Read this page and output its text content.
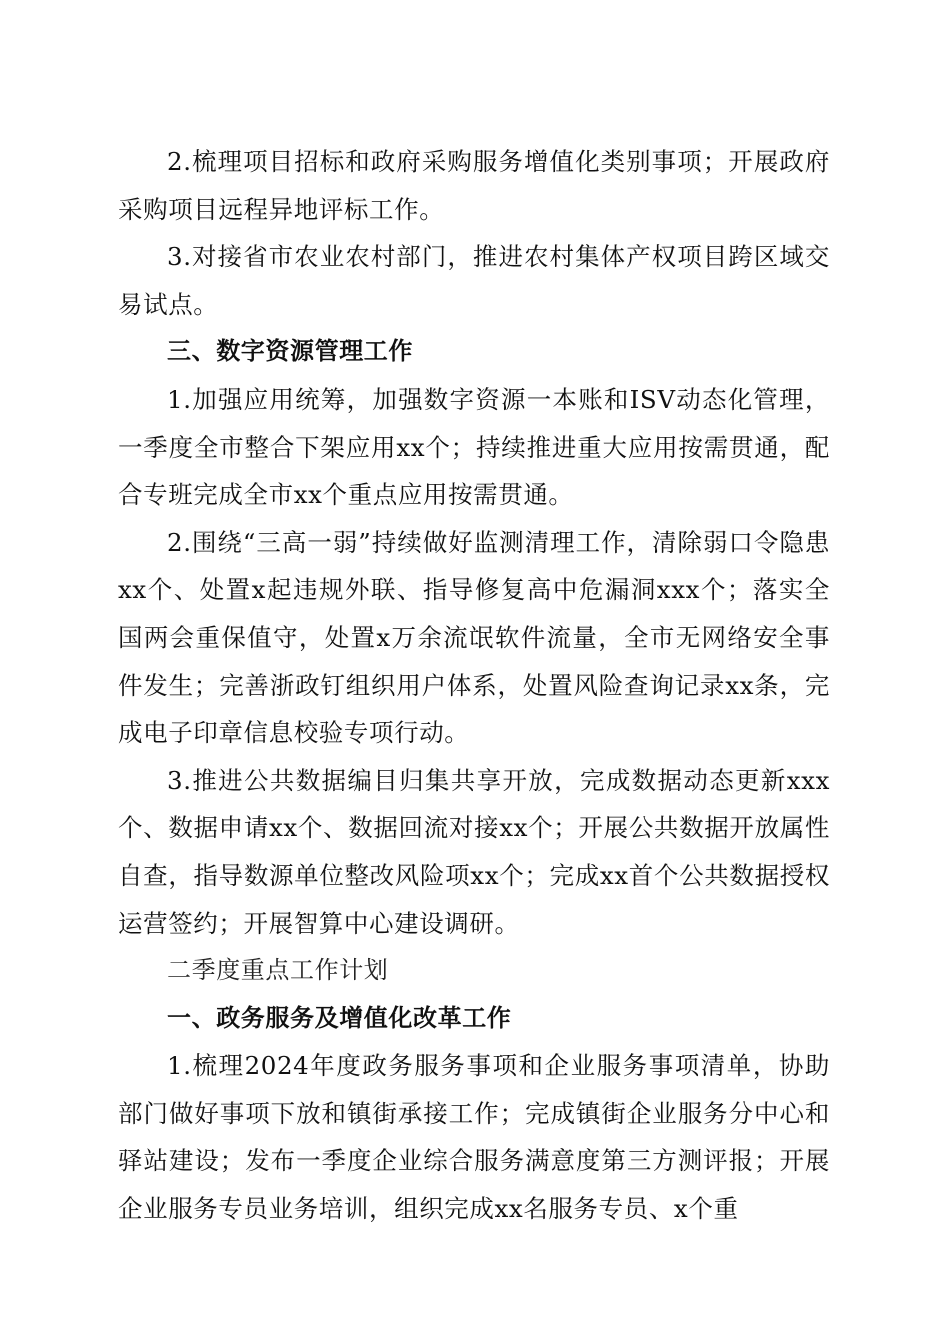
2.梳理项目招标和政府采购服务增值化类别事项；开展政府采购项目远程异地评标工作。

3.对接省市农业农村部门，推进农村集体产权项目跨区域交易试点。

三、数字资源管理工作

1.加强应用统筹，加强数字资源一本账和ISV动态化管理，一季度全市整合下架应用xx个；持续推进重大应用按需贯通，配合专班完成全市xx个重点应用按需贯通。

2.围绕“三高一弱”持续做好监测清理工作，清除弱口令隐患xx个、处置x起违规外联、指导修复高中危漏洞xxx个；落实全国两会重保值守，处置x万余流氓软件流量，全市无网络安全事件发生；完善浙政钉组织用户体系，处置风险查询记录xx条，完成电子印章信息校验专项行动。

3.推进公共数据编目归集共享开放，完成数据动态更新xxx个、数据申请xx个、数据回流对接xx个；开展公共数据开放属性自查，指导数源单位整改风险项xx个；完成xx首个公共数据授权运营签约；开展智算中心建设调研。

二季度重点工作计划

一、政务服务及增值化改革工作

1.梳理2024年度政务服务事项和企业服务事项清单，协助部门做好事项下放和镇街承接工作；完成镇街企业服务分中心和驿站建设；发布一季度企业综合服务满意度第三方测评报；开展企业服务专员业务培训，组织完成xx名服务专员、x个重
